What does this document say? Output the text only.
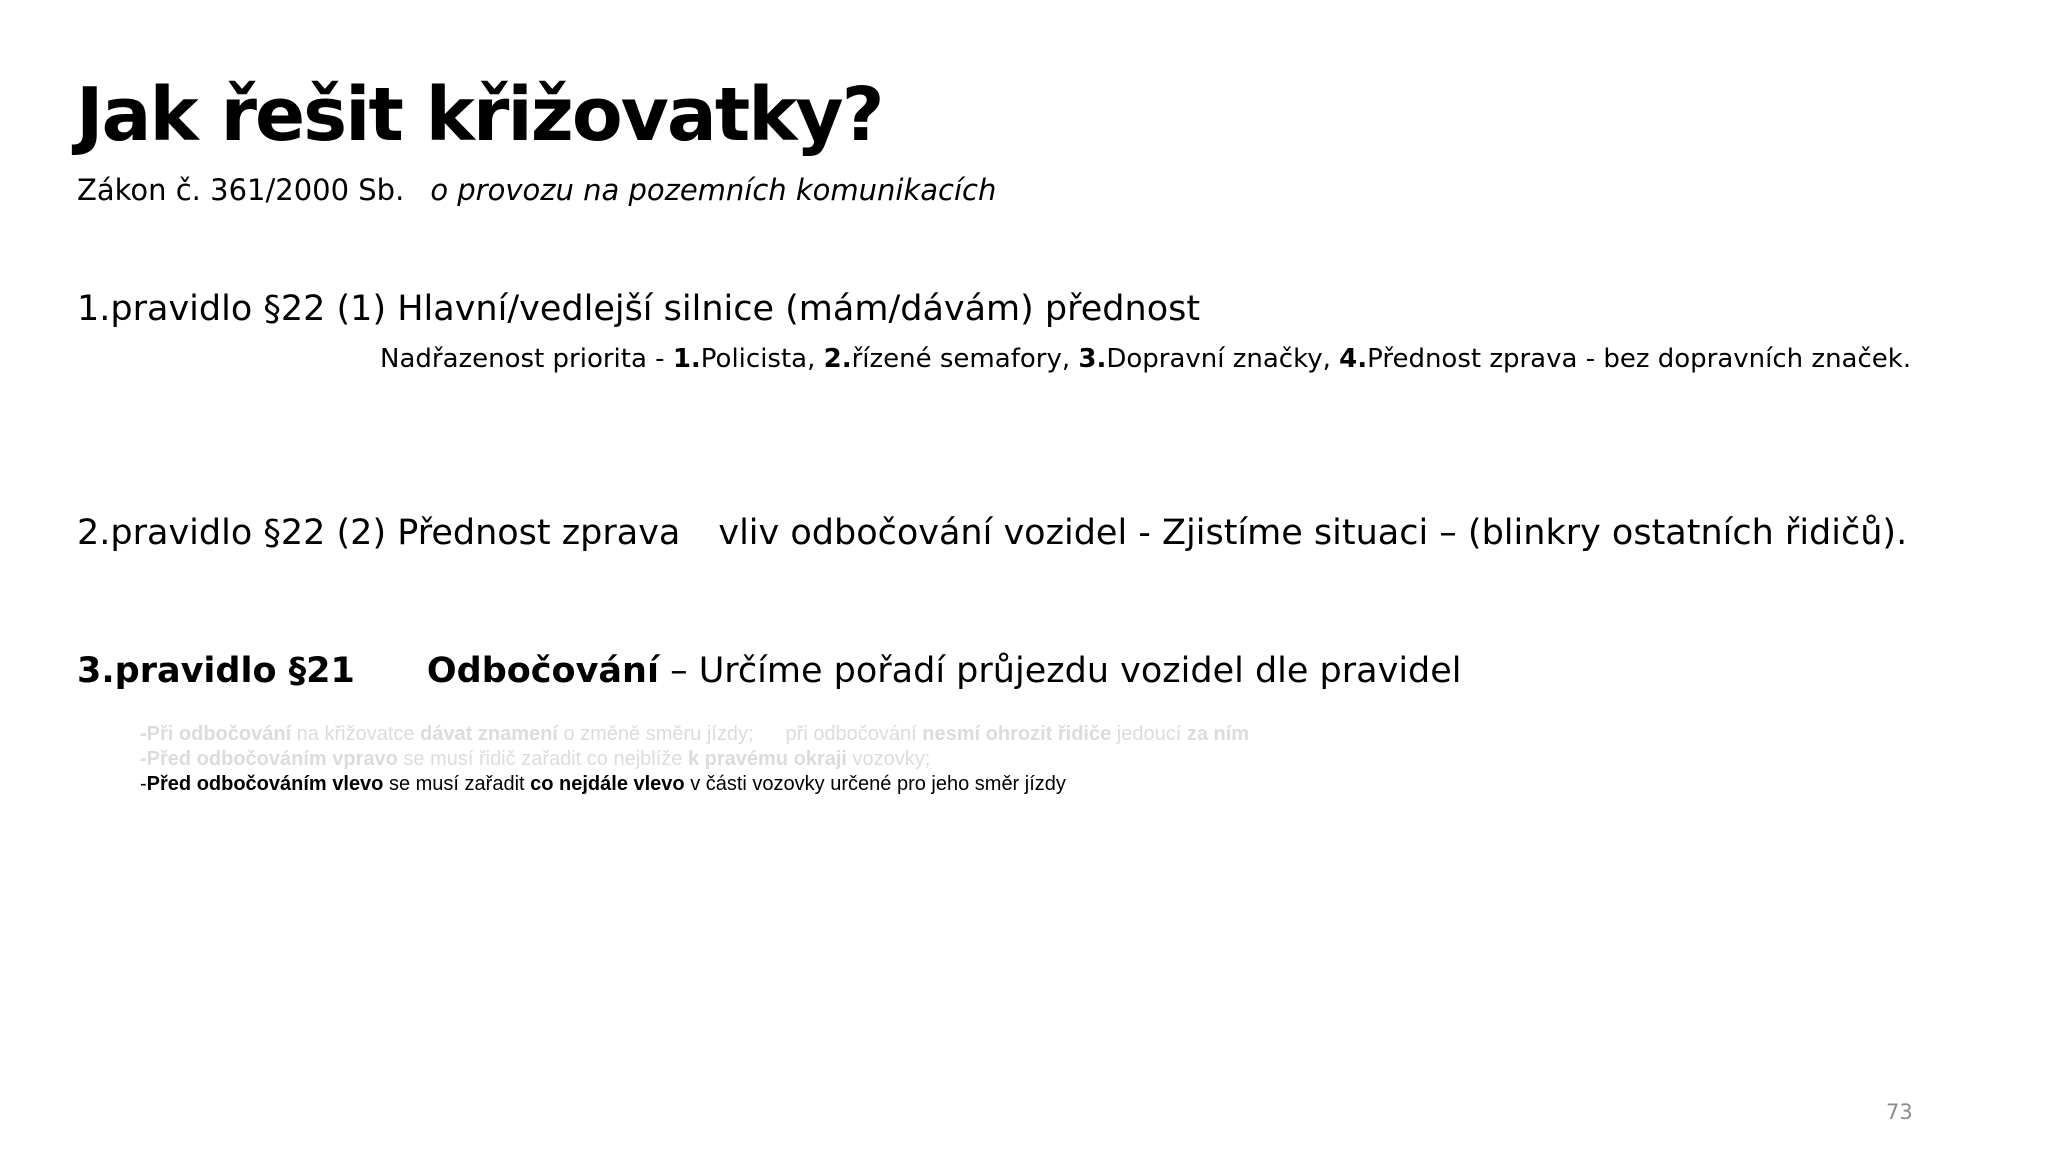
Jak řešit křižovatky?
Zákon č. 361/2000 Sb. o provozu na pozemních komunikacích
1.pravidlo §22 (1) Hlavní/vedlejší silnice (mám/dávám) přednost
Nadřazenost priorita - 1.Policista, 2.řízené semafory, 3.Dopravní značky, 4.Přednost zprava - bez dopravních značek.
2.pravidlo §22 (2) Přednost zprava vliv odbočování vozidel - Zjistíme situaci – (blinkry ostatních řidičů).
3.pravidlo §21 Odbočování – Určíme pořadí průjezdu vozidel dle pravidel
-Při odbočování na křižovatce dávat znamení o změně směru jízdy; při odbočování nesmí ohrozit řidiče jedoucí za ním
-Před odbočováním vpravo se musí řidič zařadit co nejblíže k pravému okraji vozovky;
-Před odbočováním vlevo se musí zařadit co nejdále vlevo v části vozovky určené pro jeho směr jízdy
73
